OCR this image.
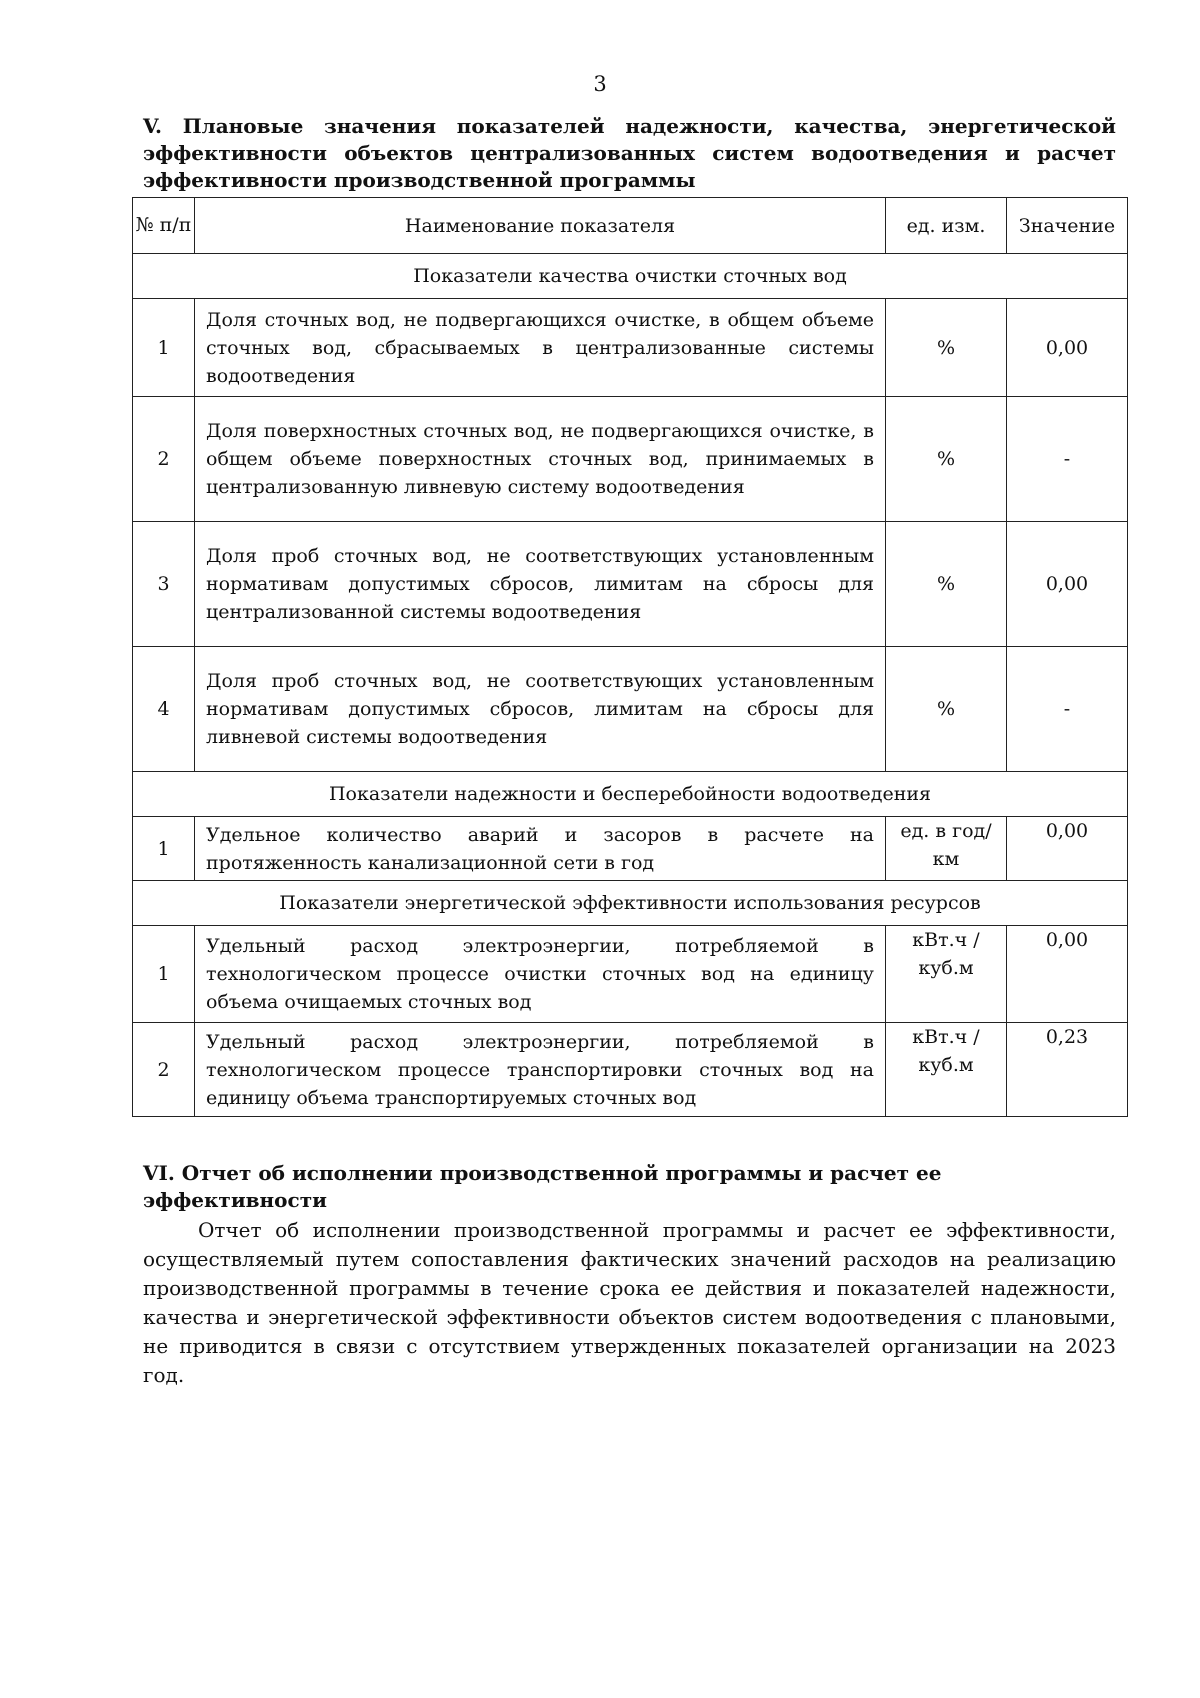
3
V. Плановые значения показателей надежности, качества, энергетической эффективности объектов централизованных систем водоотведения и расчет эффективности производственной программы
№ п/п	Наименование показателя	ед. изм.	Значение
Показатели качества очистки сточных вод			
1	Доля сточных вод, не подвергающихся очистке, в общем объеме сточных вод, сбрасываемых в централизованные системы водоотведения	%	0,00
2	Доля поверхностных сточных вод, не подвергающихся очистке, в общем объеме поверхностных сточных вод, принимаемых в централизованную ливневую систему водоотведения	%	-
3	Доля проб сточных вод, не соответствующих установленным нормативам допустимых сбросов, лимитам на сбросы для централизованной системы водоотведения	%	0,00
4	Доля проб сточных вод, не соответствующих установленным нормативам допустимых сбросов, лимитам на сбросы для ливневой системы водоотведения	%	-
Показатели надежности и бесперебойности водоотведения			
1	Удельное количество аварий и засоров в расчете на протяженность канализационной сети в год	ед. в год/ км	0,00
Показатели энергетической эффективности использования ресурсов			
1	Удельный расход электроэнергии, потребляемой в технологическом процессе очистки сточных вод на единицу объема очищаемых сточных вод	кВт.ч / куб.м	0,00
2	Удельный расход электроэнергии, потребляемой в технологическом процессе транспортировки сточных вод на единицу объема транспортируемых сточных вод	кВт.ч / куб.м	0,23
VI. Отчет об исполнении производственной программы и расчет ее эффективности
Отчет об исполнении производственной программы и расчет ее эффективности, осуществляемый путем сопоставления фактических значений расходов на реализацию производственной программы в течение срока ее действия и показателей надежности, качества и энергетической эффективности объектов систем водоотведения с плановыми, не приводится в связи с отсутствием утвержденных показателей организации на 2023 год.
